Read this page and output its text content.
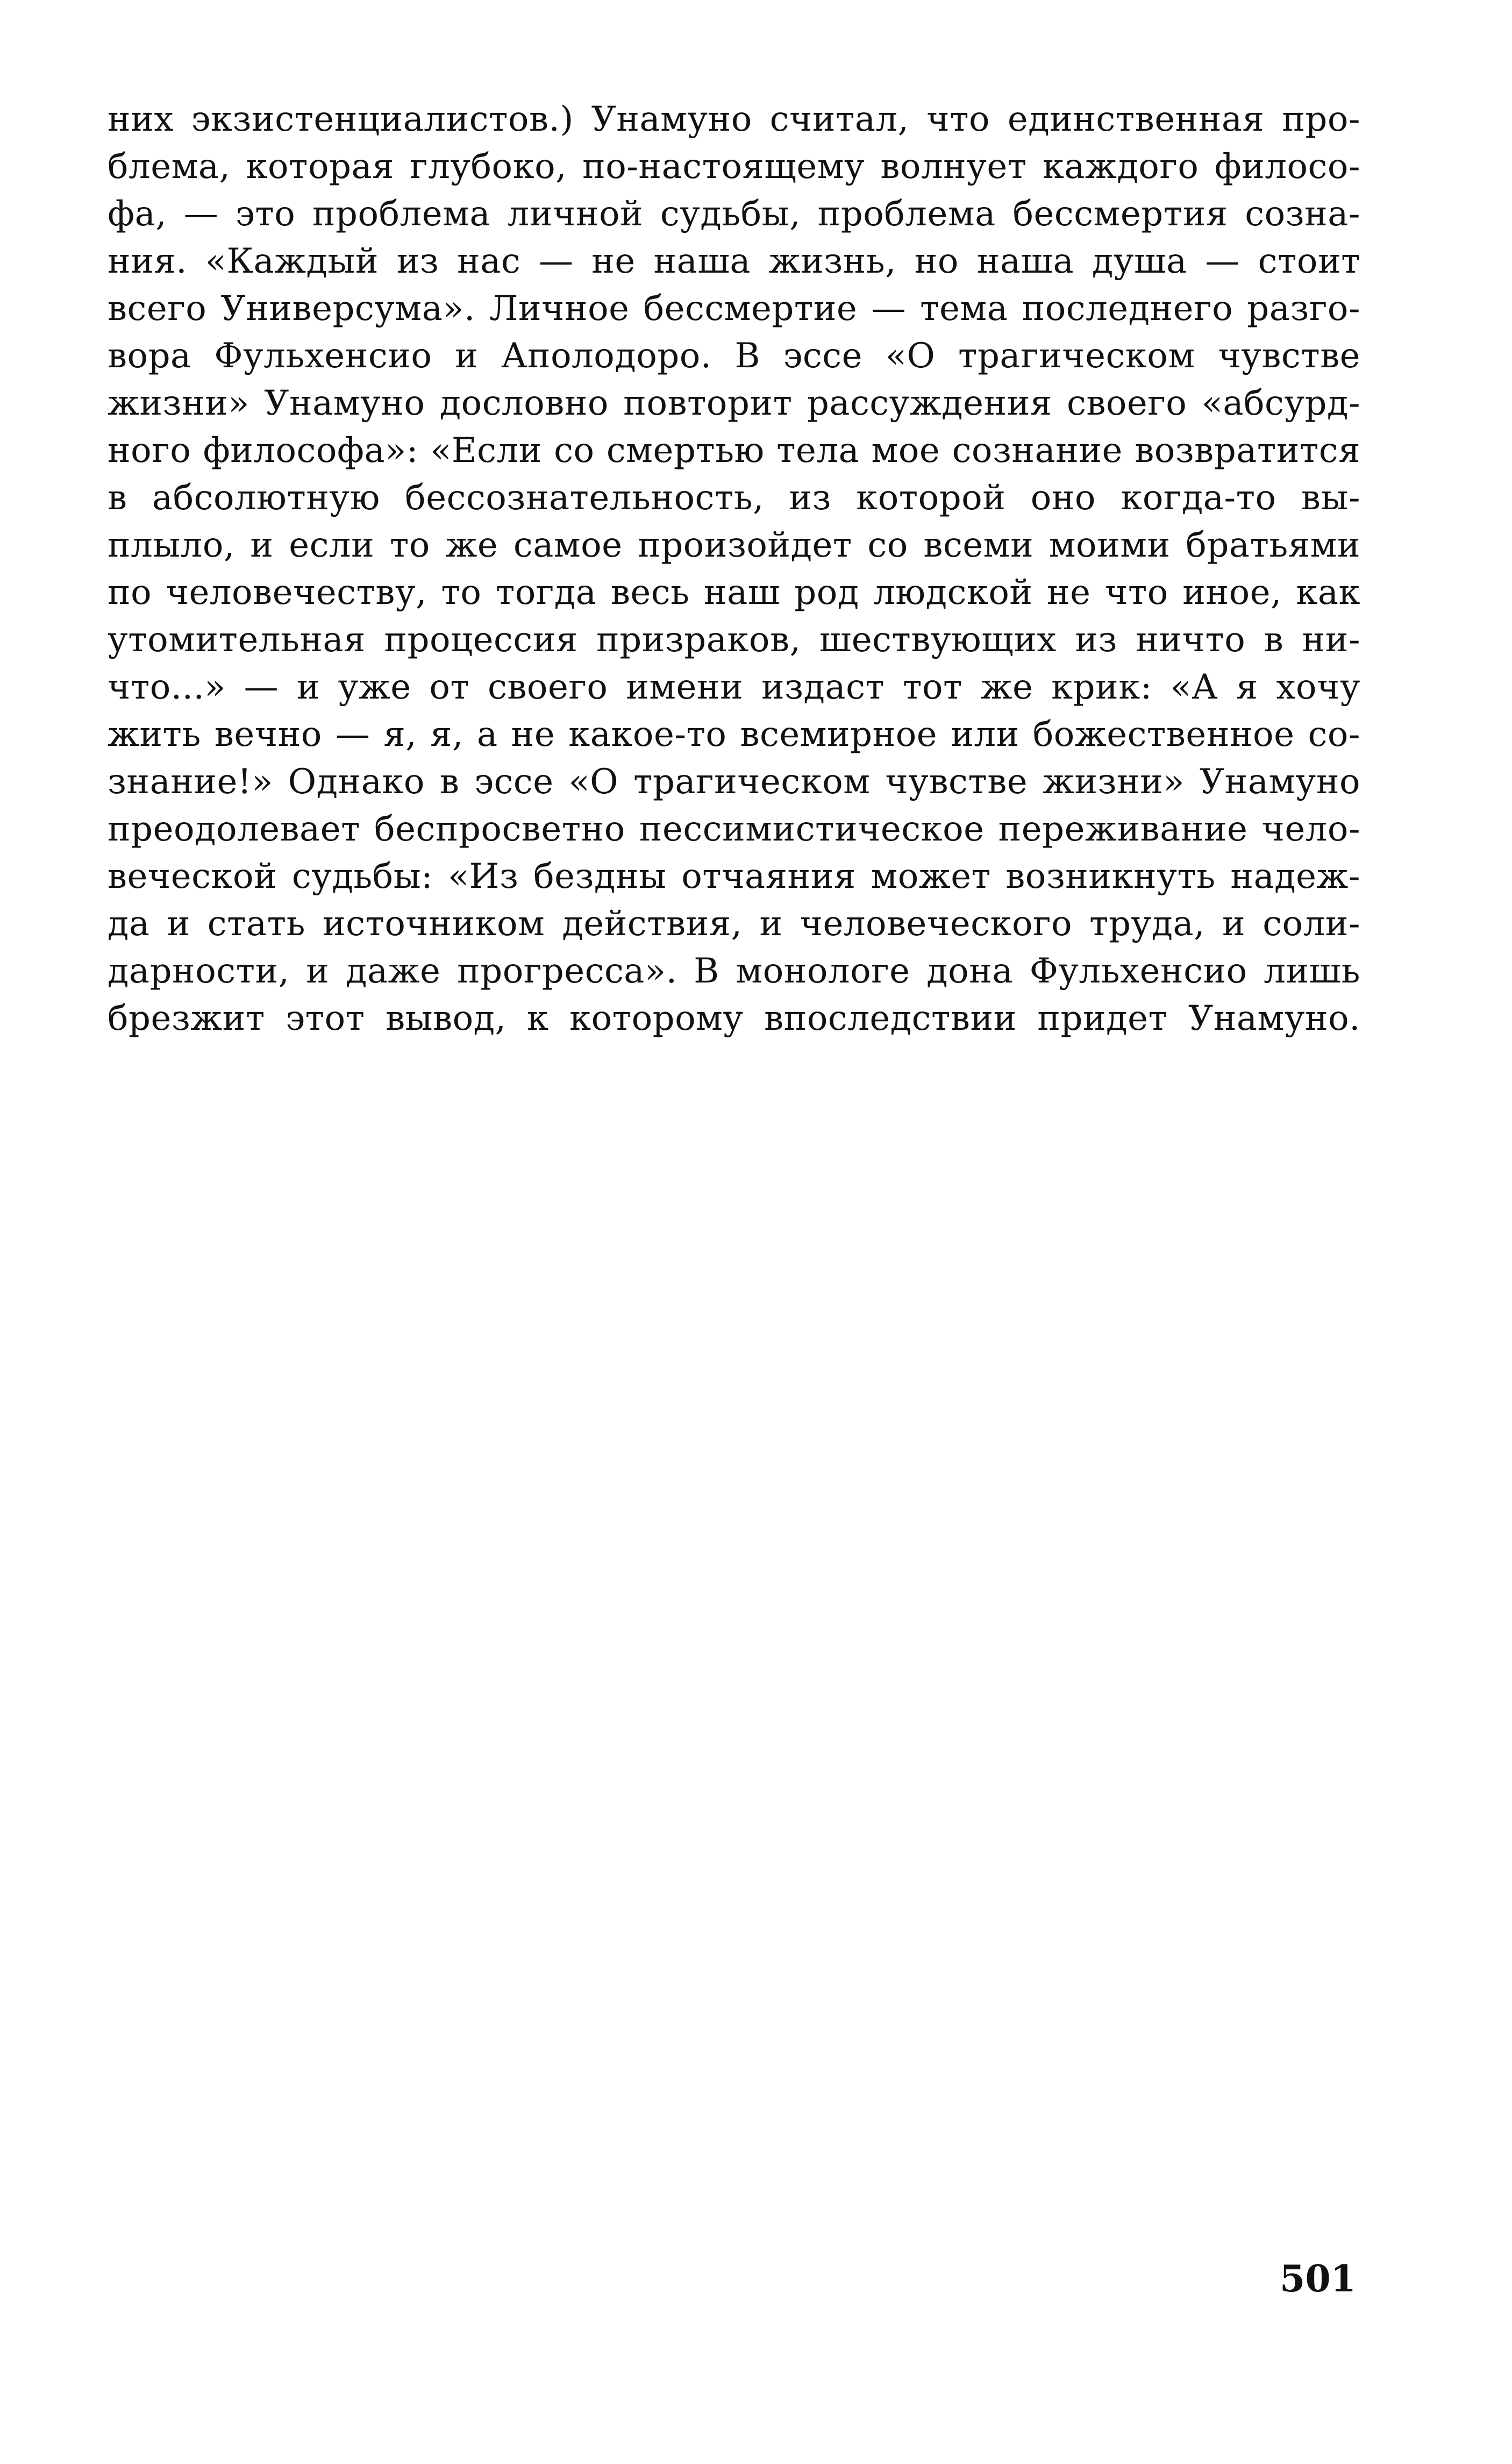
них экзистенциалистов.) Унамуно считал, что единственная про-
блема, которая глубоко, по-настоящему волнует каждого филосо-
фа, — это проблема личной судьбы, проблема бессмертия созна-
ния. «Каждый из нас — не наша жизнь, но наша душа — стоит
всего Универсума». Личное бессмертие — тема последнего разго-
вора Фульхенсио и Аполодоро. В эссе «О трагическом чувстве
жизни» Унамуно дословно повторит рассуждения своего «абсурд-
ного философа»: «Если со смертью тела мое сознание возвратится
в абсолютную бессознательность, из которой оно когда-то вы-
плыло, и если то же самое произойдет со всеми моими братьями
по человечеству, то тогда весь наш род людской не что иное, как
утомительная процессия призраков, шествующих из ничто в ни-
что...» — и уже от своего имени издаст тот же крик: «А я хочу
жить вечно — я, я, а не какое-то всемирное или божественное со-
знание!» Однако в эссе «О трагическом чувстве жизни» Унамуно
преодолевает беспросветно пессимистическое переживание чело-
веческой судьбы: «Из бездны отчаяния может возникнуть надеж-
да и стать источником действия, и человеческого труда, и соли-
дарности, и даже прогресса». В монологе дона Фульхенсио лишь
брезжит этот вывод, к которому впоследствии придет Унамуно.
501
